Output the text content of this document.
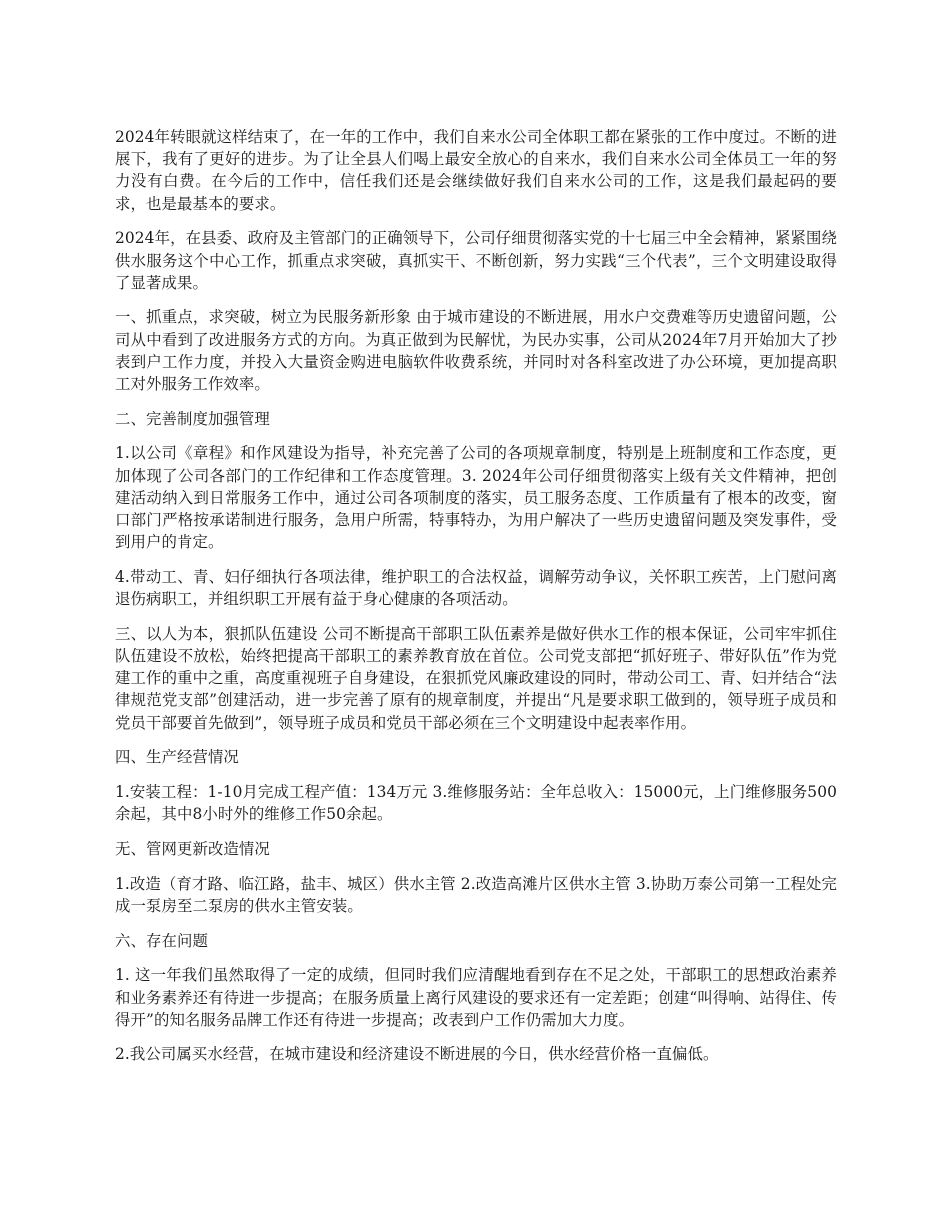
2024年转眼就这样结束了，在一年的工作中，我们自来水公司全体职工都在紧张的工作中度过。不断的进展下，我有了更好的进步。为了让全县人们喝上最安全放心的自来水，我们自来水公司全体员工一年的努力没有白费。在今后的工作中，信任我们还是会继续做好我们自来水公司的工作，这是我们最起码的要求，也是最基本的要求。

2024年，在县委、政府及主管部门的正确领导下，公司仔细贯彻落实党的十七届三中全会精神，紧紧围绕供水服务这个中心工作，抓重点求突破，真抓实干、不断创新，努力实践“三个代表”，三个文明建设取得了显著成果。

一、抓重点，求突破，树立为民服务新形象 由于城市建设的不断进展，用水户交费难等历史遗留问题，公司从中看到了改进服务方式的方向。为真正做到为民解忧，为民办实事，公司从2024年7月开始加大了抄表到户工作力度，并投入大量资金购进电脑软件收费系统，并同时对各科室改进了办公环境，更加提高职工对外服务工作效率。

二、完善制度加强管理

1.以公司《章程》和作风建设为指导，补充完善了公司的各项规章制度，特别是上班制度和工作态度，更加体现了公司各部门的工作纪律和工作态度管理。3. 2024年公司仔细贯彻落实上级有关文件精神，把创建活动纳入到日常服务工作中，通过公司各项制度的落实，员工服务态度、工作质量有了根本的改变，窗口部门严格按承诺制进行服务，急用户所需，特事特办，为用户解决了一些历史遗留问题及突发事件，受到用户的肯定。

4.带动工、青、妇仔细执行各项法律，维护职工的合法权益，调解劳动争议，关怀职工疾苦，上门慰问离退伤病职工，并组织职工开展有益于身心健康的各项活动。

三、以人为本，狠抓队伍建设 公司不断提高干部职工队伍素养是做好供水工作的根本保证，公司牢牢抓住队伍建设不放松，始终把提高干部职工的素养教育放在首位。公司党支部把“抓好班子、带好队伍”作为党建工作的重中之重，高度重视班子自身建设，在狠抓党风廉政建设的同时，带动公司工、青、妇并结合“法律规范党支部”创建活动，进一步完善了原有的规章制度，并提出“凡是要求职工做到的，领导班子成员和党员干部要首先做到”，领导班子成员和党员干部必须在三个文明建设中起表率作用。

四、生产经营情况

1.安装工程：1-10月完成工程产值：134万元 3.维修服务站：全年总收入：15000元，上门维修服务500余起，其中8小时外的维修工作50余起。

无、管网更新改造情况

1.改造（育才路、临江路，盐丰、城区）供水主管 2.改造高滩片区供水主管 3.协助万泰公司第一工程处完成一泵房至二泵房的供水主管安装。

六、存在问题

1. 这一年我们虽然取得了一定的成绩，但同时我们应清醒地看到存在不足之处，干部职工的思想政治素养和业务素养还有待进一步提高；在服务质量上离行风建设的要求还有一定差距；创建“叫得响、站得住、传得开”的知名服务品牌工作还有待进一步提高；改表到户工作仍需加大力度。

2.我公司属买水经营，在城市建设和经济建设不断进展的今日，供水经营价格一直偏低。
